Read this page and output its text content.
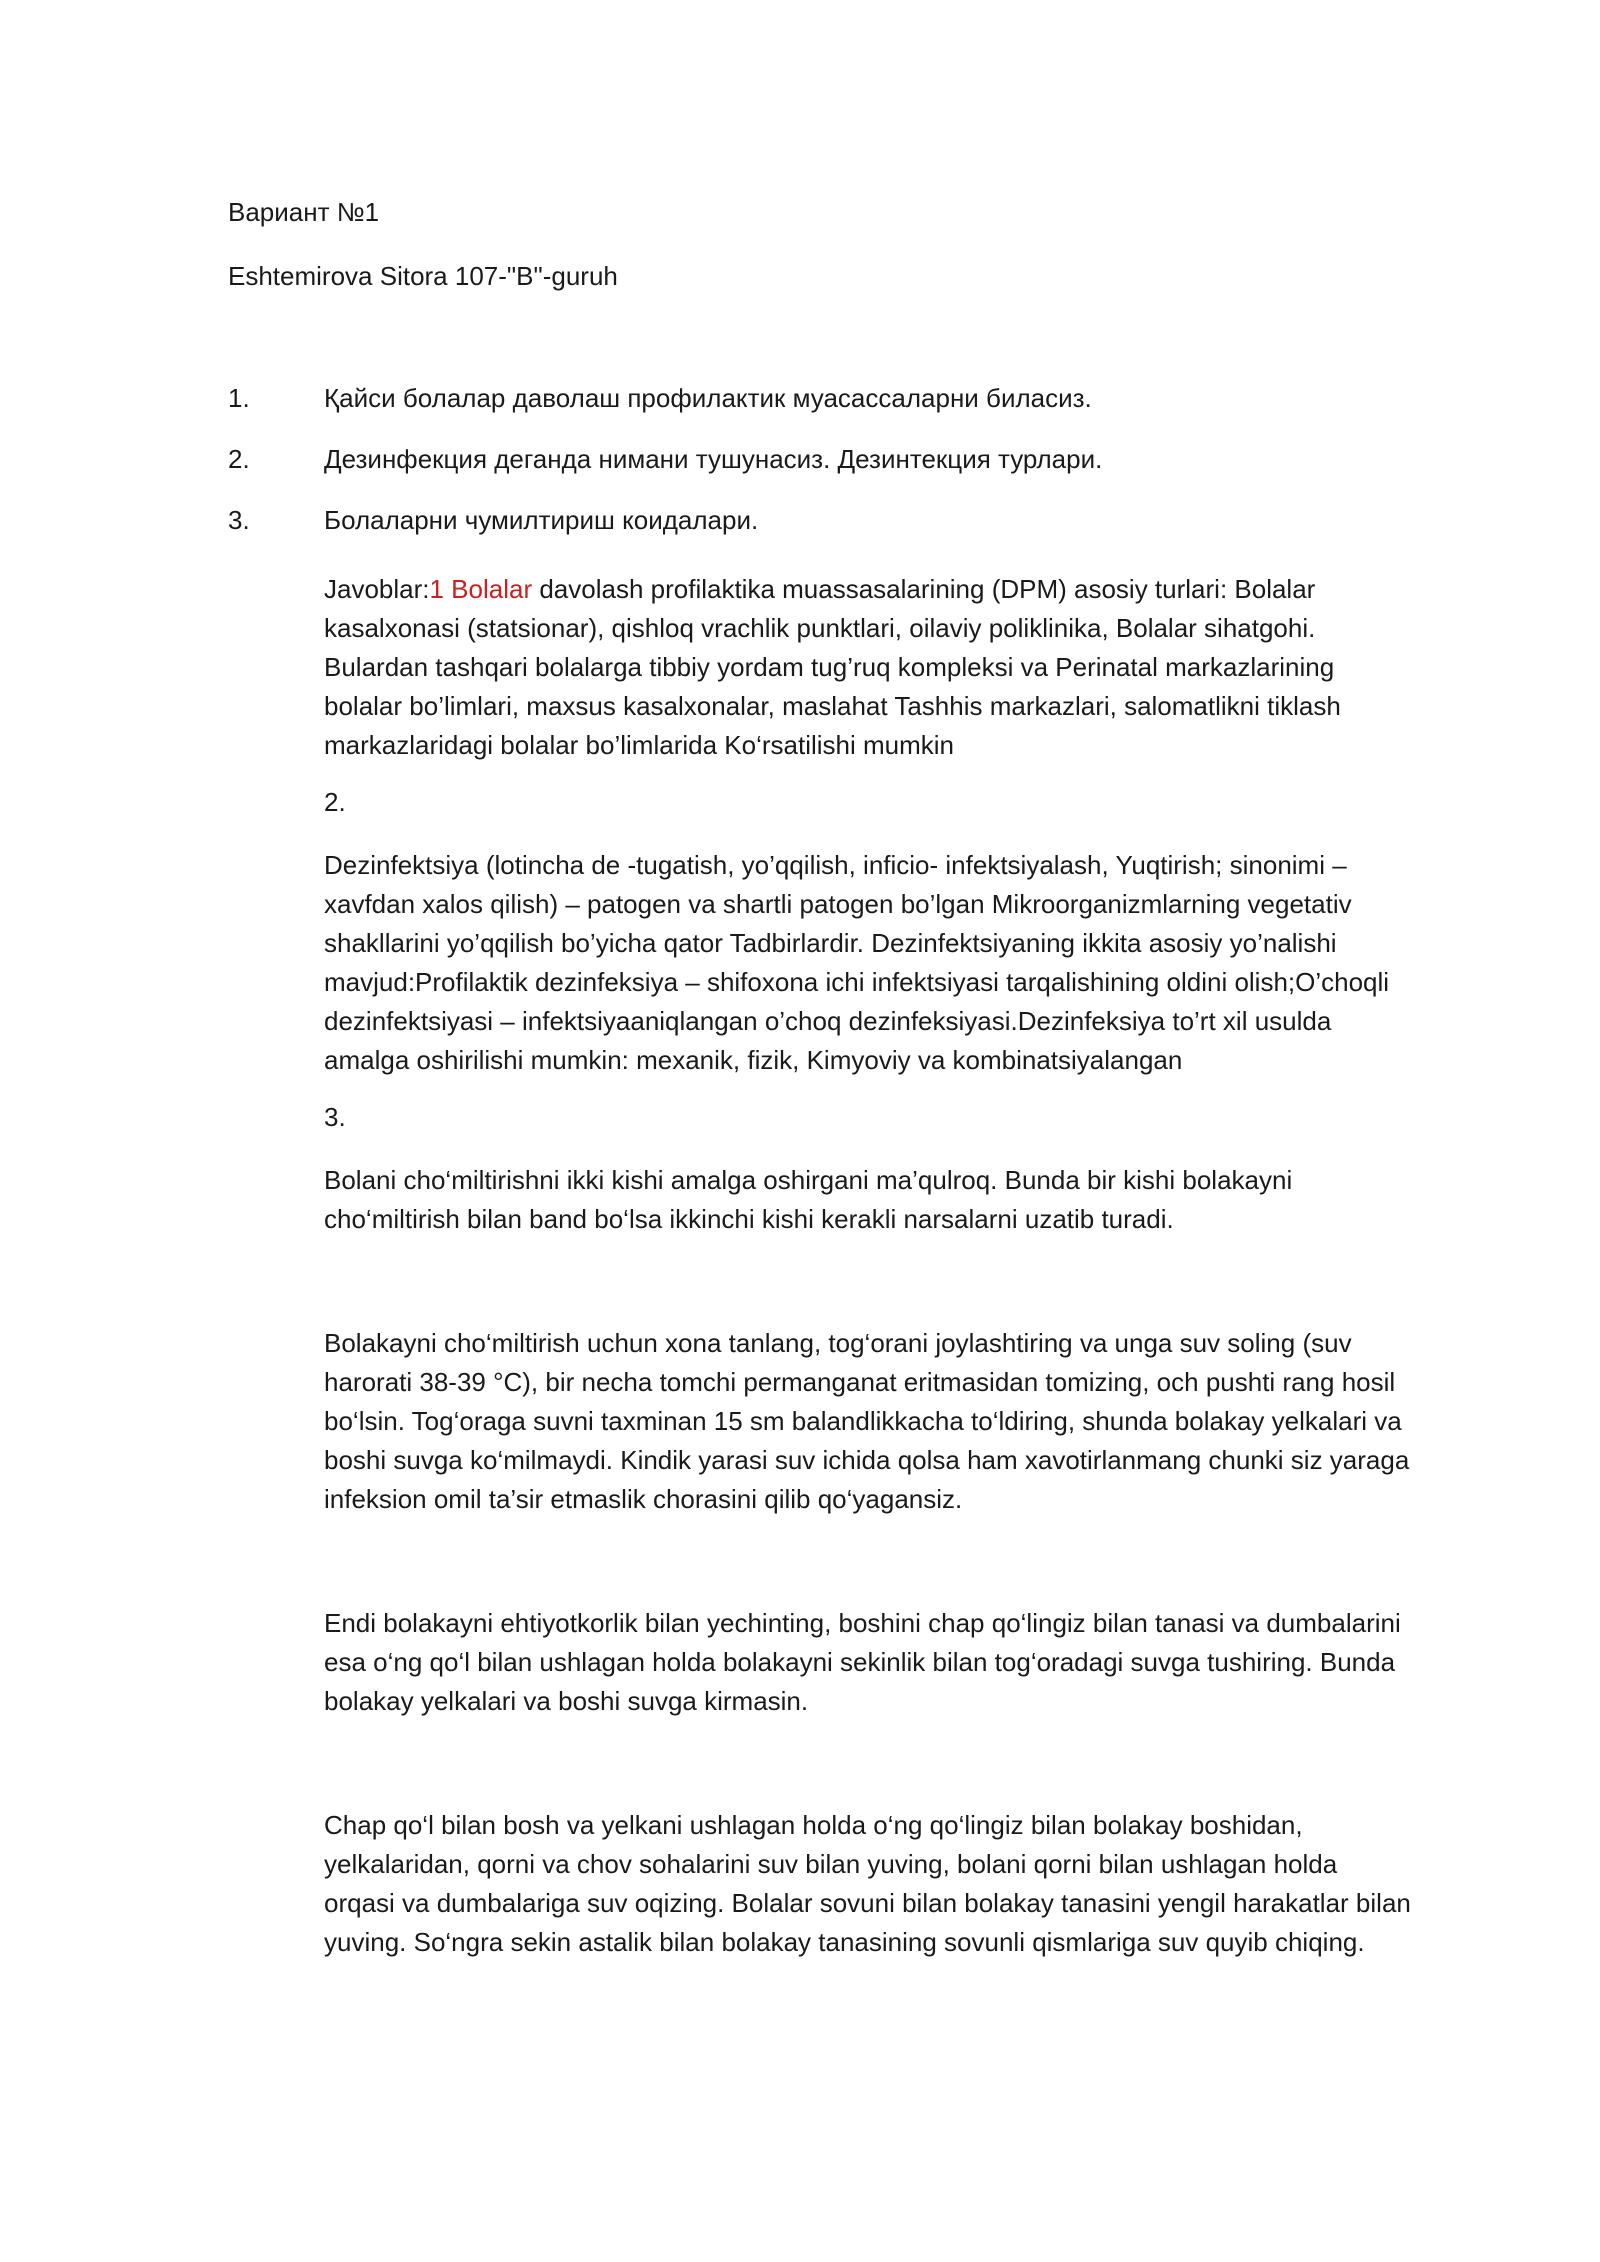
Вариант №1

Eshtemirova Sitora 107-"B"-guruh

1.	Қайси болалар даволаш профилактик муасассаларни биласиз.
2.	Дезинфекция деганда нимани тушунасиз. Дезинтекция турлари.
3.	Болаларни чумилтириш коидалари.

Javoblar:1 Bolalar davolash profilaktika muassasalarining (DPM) asosiy turlari: Bolalar kasalxonasi (statsionar), qishloq vrachlik punktlari, oilaviy poliklinika, Bolalar sihatgohi. Bulardan tashqari bolalarga tibbiy yordam tug’ruq kompleksi va Perinatal markazlarining bolalar bo’limlari, maxsus kasalxonalar, maslahat Tashhis markazlari, salomatlikni tiklash markazlaridagi bolalar bo’limlarida Ko‘rsatilishi mumkin

2.

Dezinfektsiya (lotincha de -tugatish, yo’qqilish, inficio- infektsiyalash, Yuqtirish; sinonimi – xavfdan xalos qilish) – patogen va shartli patogen bo’lgan Mikroorganizmlarning vegetativ shakllarini yo’qqilish bo’yicha qator Tadbirlardir. Dezinfektsiyaning ikkita asosiy yo’nalishi mavjud:Profilaktik dezinfeksiya – shifoxona ichi infektsiyasi tarqalishining oldini olish;O’choqli dezinfektsiyasi – infektsiyaaniqlangan o’choq dezinfeksiyasi.Dezinfeksiya to’rt xil usulda amalga oshirilishi mumkin: mexanik, fizik, Kimyoviy va kombinatsiyalangan

3.

Bolani cho‘miltirishni ikki kishi amalga oshirgani ma’qulroq. Bunda bir kishi bolakayni cho‘miltirish bilan band bo‘lsa ikkinchi kishi kerakli narsalarni uzatib turadi.

Bolakayni cho‘miltirish uchun xona tanlang, tog‘orani joylashtiring va unga suv soling (suv harorati 38-39 °C), bir necha tomchi permanganat eritmasidan tomizing, och pushti rang hosil bo‘lsin. Tog‘oraga suvni taxminan 15 sm balandlikkacha to‘ldiring, shunda bolakay yelkalari va boshi suvga ko‘milmaydi. Kindik yarasi suv ichida qolsa ham xavotirlanmang chunki siz yaraga infeksion omil ta’sir etmaslik chorasini qilib qo‘yagansiz.

Endi bolakayni ehtiyotkorlik bilan yechinting, boshini chap qo‘lingiz bilan tanasi va dumbalarini esa o‘ng qo‘l bilan ushlagan holda bolakayni sekinlik bilan tog‘oradagi suvga tushiring. Bunda bolakay yelkalari va boshi suvga kirmasin.

Chap qo‘l bilan bosh va yelkani ushlagan holda o‘ng qo‘lingiz bilan bolakay boshidan, yelkalaridan, qorni va chov sohalarini suv bilan yuving, bolani qorni bilan ushlagan holda orqasi va dumbalariga suv oqizing. Bolalar sovuni bilan bolakay tanasini yengil harakatlar bilan yuving. So‘ngra sekin astalik bilan bolakay tanasining sovunli qismlariga suv quyib chiqing.
